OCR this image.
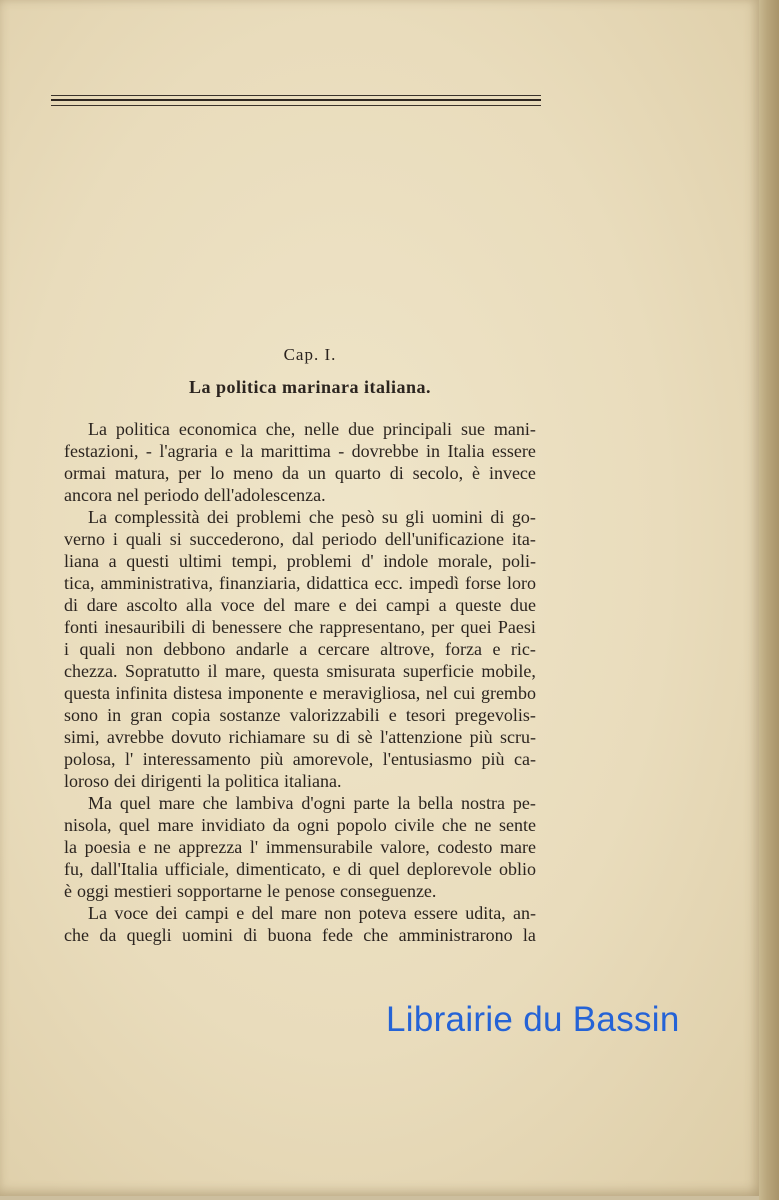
Cap. I.
La politica marinara italiana.
La politica economica che, nelle due principali sue mani-
festazioni, - l'agraria e la marittima - dovrebbe in Italia essere
ormai matura, per lo meno da un quarto di secolo, è invece
ancora nel periodo dell'adolescenza.
La complessità dei problemi che pesò su gli uomini di go-
verno i quali si succederono, dal periodo dell'unificazione ita-
liana a questi ultimi tempi, problemi d' indole morale, poli-
tica, amministrativa, finanziaria, didattica ecc. impedì forse loro
di dare ascolto alla voce del mare e dei campi a queste due
fonti inesauribili di benessere che rappresentano, per quei Paesi
i quali non debbono andarle a cercare altrove, forza e ric-
chezza. Sopratutto il mare, questa smisurata superficie mobile,
questa infinita distesa imponente e meravigliosa, nel cui grembo
sono in gran copia sostanze valorizzabili e tesori pregevolis-
simi, avrebbe dovuto richiamare su di sè l'attenzione più scru-
polosa, l' interessamento più amorevole, l'entusiasmo più ca-
loroso dei dirigenti la politica italiana.
Ma quel mare che lambiva d'ogni parte la bella nostra pe-
nisola, quel mare invidiato da ogni popolo civile che ne sente
la poesia e ne apprezza l' immensurabile valore, codesto mare
fu, dall'Italia ufficiale, dimenticato, e di quel deplorevole oblio
è oggi mestieri sopportarne le penose conseguenze.
La voce dei campi e del mare non poteva essere udita, an-
che da quegli uomini di buona fede che amministrarono la
Librairie du Bassin
